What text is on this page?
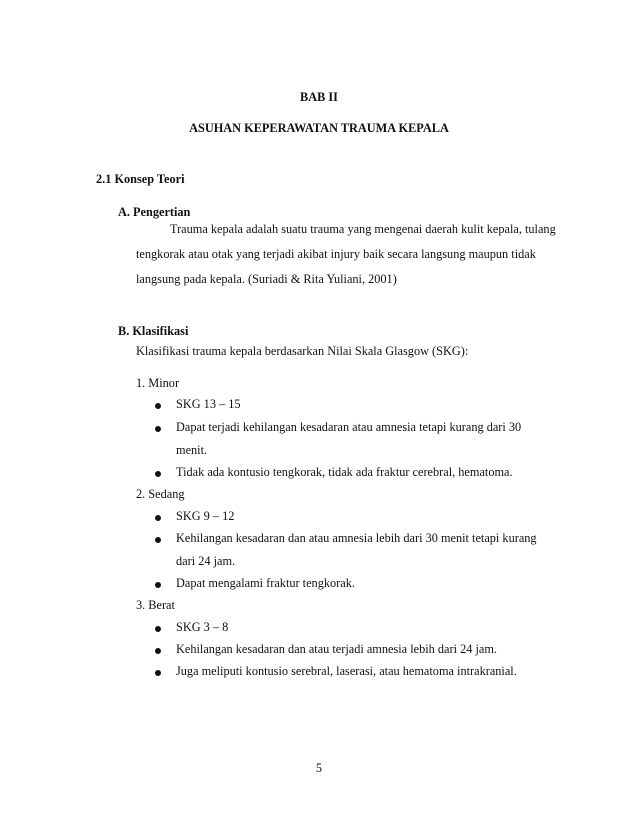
BAB II
ASUHAN KEPERAWATAN TRAUMA KEPALA
2.1 Konsep Teori
A. Pengertian
Trauma kepala adalah suatu trauma yang mengenai daerah kulit kepala, tulang
tengkorak atau otak yang terjadi akibat injury baik secara langsung maupun tidak
langsung pada kepala. (Suriadi & Rita Yuliani, 2001)
B. Klasifikasi
Klasifikasi trauma kepala berdasarkan Nilai Skala Glasgow (SKG):
1. Minor
SKG 13 – 15
Dapat terjadi kehilangan kesadaran atau amnesia tetapi kurang dari 30
menit.
Tidak ada kontusio tengkorak, tidak ada fraktur cerebral, hematoma.
2. Sedang
SKG 9 – 12
Kehilangan kesadaran dan atau amnesia lebih dari 30 menit tetapi kurang
dari 24 jam.
Dapat mengalami fraktur tengkorak.
3. Berat
SKG 3 – 8
Kehilangan kesadaran dan atau terjadi amnesia lebih dari 24 jam.
Juga meliputi kontusio serebral, laserasi, atau hematoma intrakranial.
5
